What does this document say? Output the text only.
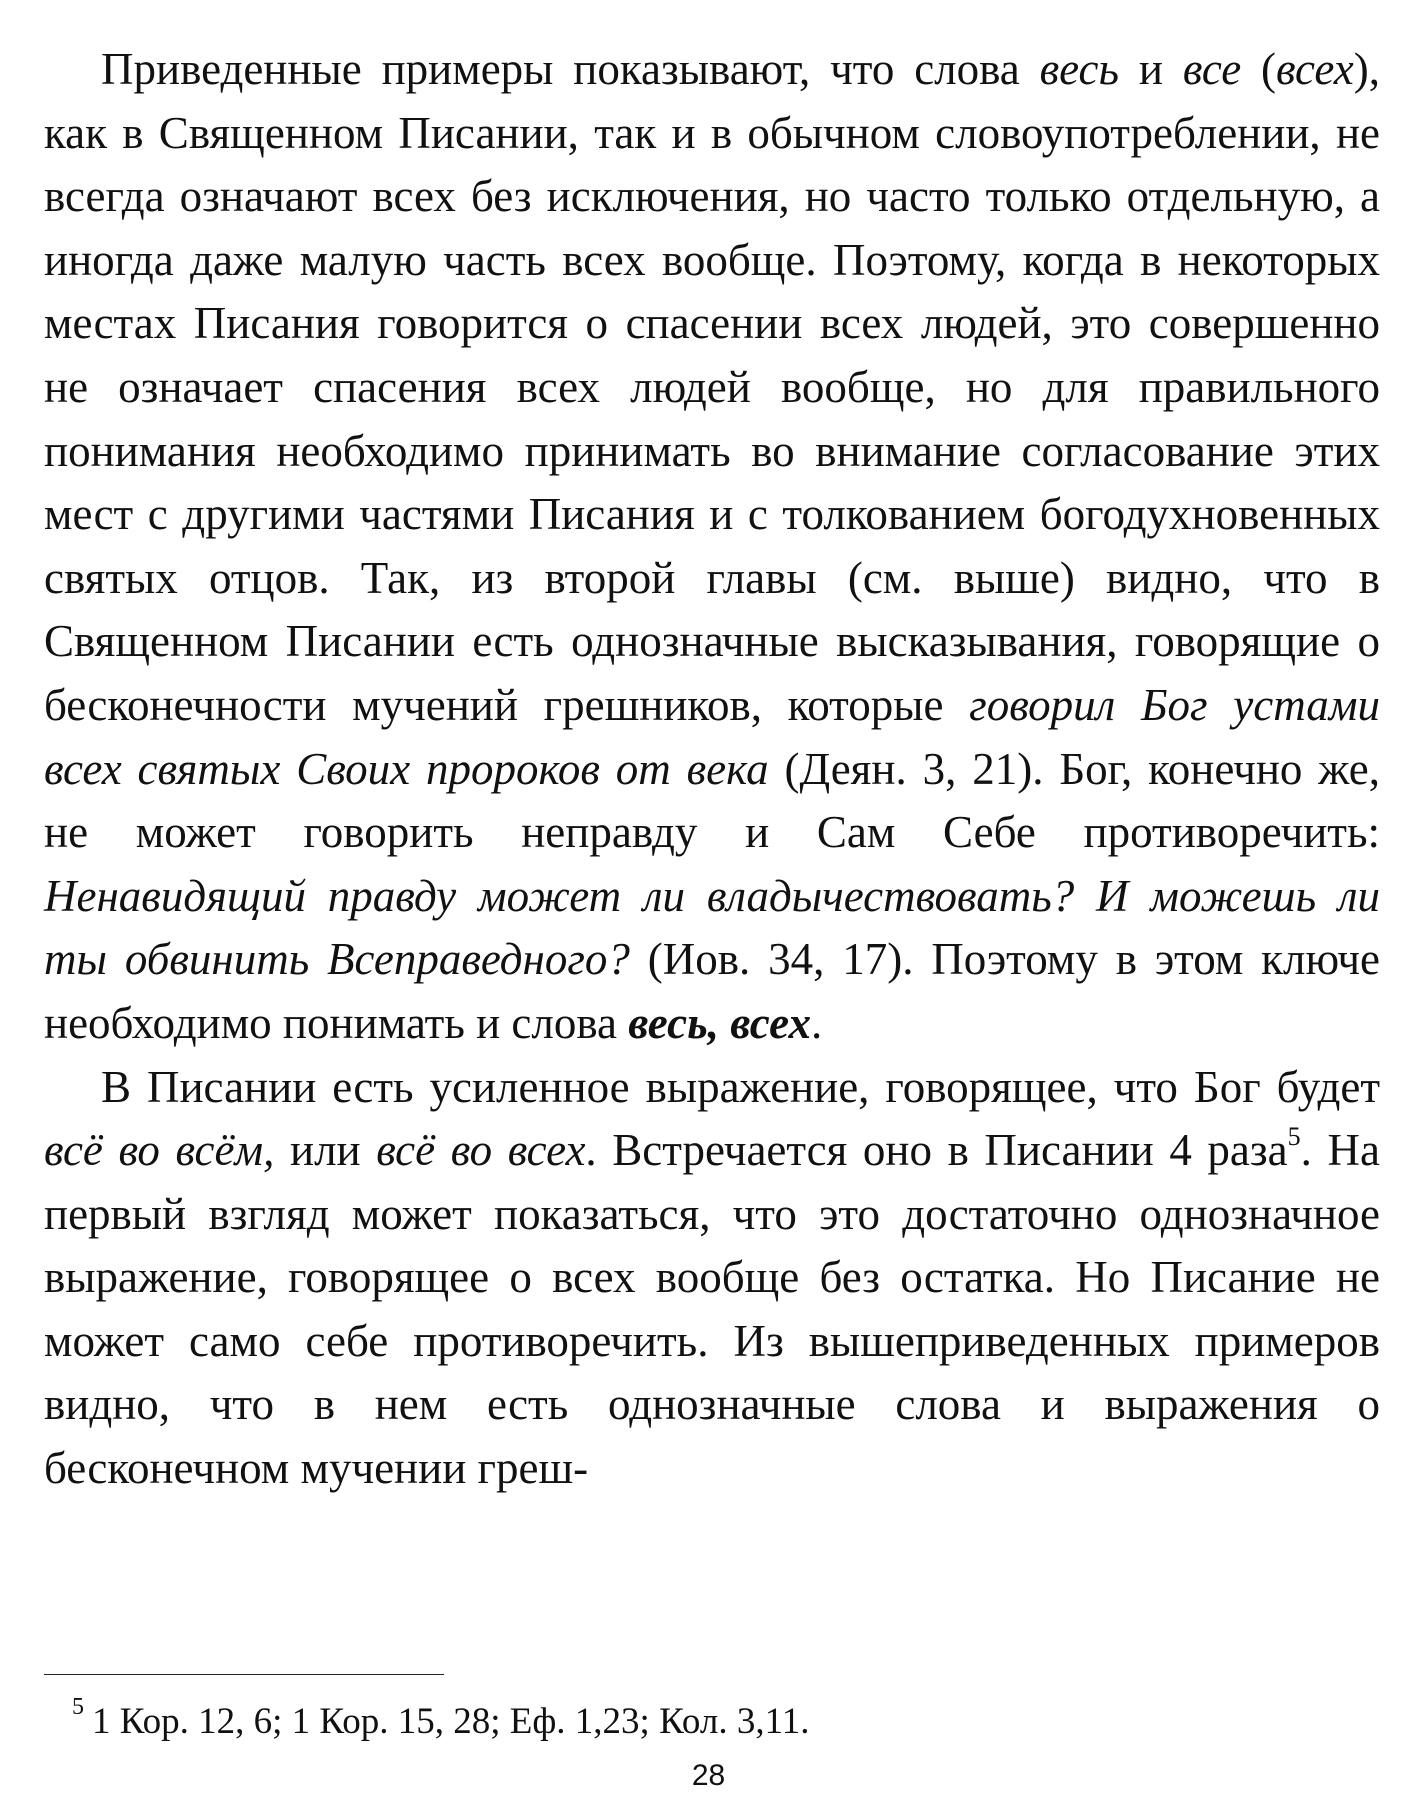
Приведенные примеры показывают, что слова весь и все (всех), как в Священном Писании, так и в обычном словоупотреблении, не всегда означают всех без исключения, но часто только отдельную, а иногда даже малую часть всех вообще. Поэтому, когда в некоторых местах Писания говорится о спасении всех людей, это совершенно не означает спасения всех людей вообще, но для правильного понимания необходимо принимать во внимание согласование этих мест с другими частями Писания и с толкованием богодухновенных святых отцов. Так, из второй главы (см. выше) видно, что в Священном Писании есть однозначные высказывания, говорящие о бесконечности мучений грешников, которые говорил Бог устами всех святых Своих пророков от века (Деян. 3, 21). Бог, конечно же, не может говорить неправду и Сам Себе противоречить: Ненавидящий правду может ли владычествовать? И можешь ли ты обвинить Всеправедного? (Иов. 34, 17). Поэтому в этом ключе необходимо понимать и слова весь, всех.

В Писании есть усиленное выражение, говорящее, что Бог будет всё во всём, или всё во всех. Встречается оно в Писании 4 раза$^5$. На первый взгляд может показаться, что это достаточно однозначное выражение, говорящее о всех вообще без остатка. Но Писание не может само себе противоречить. Из вышеприведенных примеров видно, что в нем есть однозначные слова и выражения о бесконечном мучении греш-

$^5$ 1 Кор. 12, 6; 1 Кор. 15, 28; Еф. 1,23; Кол. 3,11.
28
